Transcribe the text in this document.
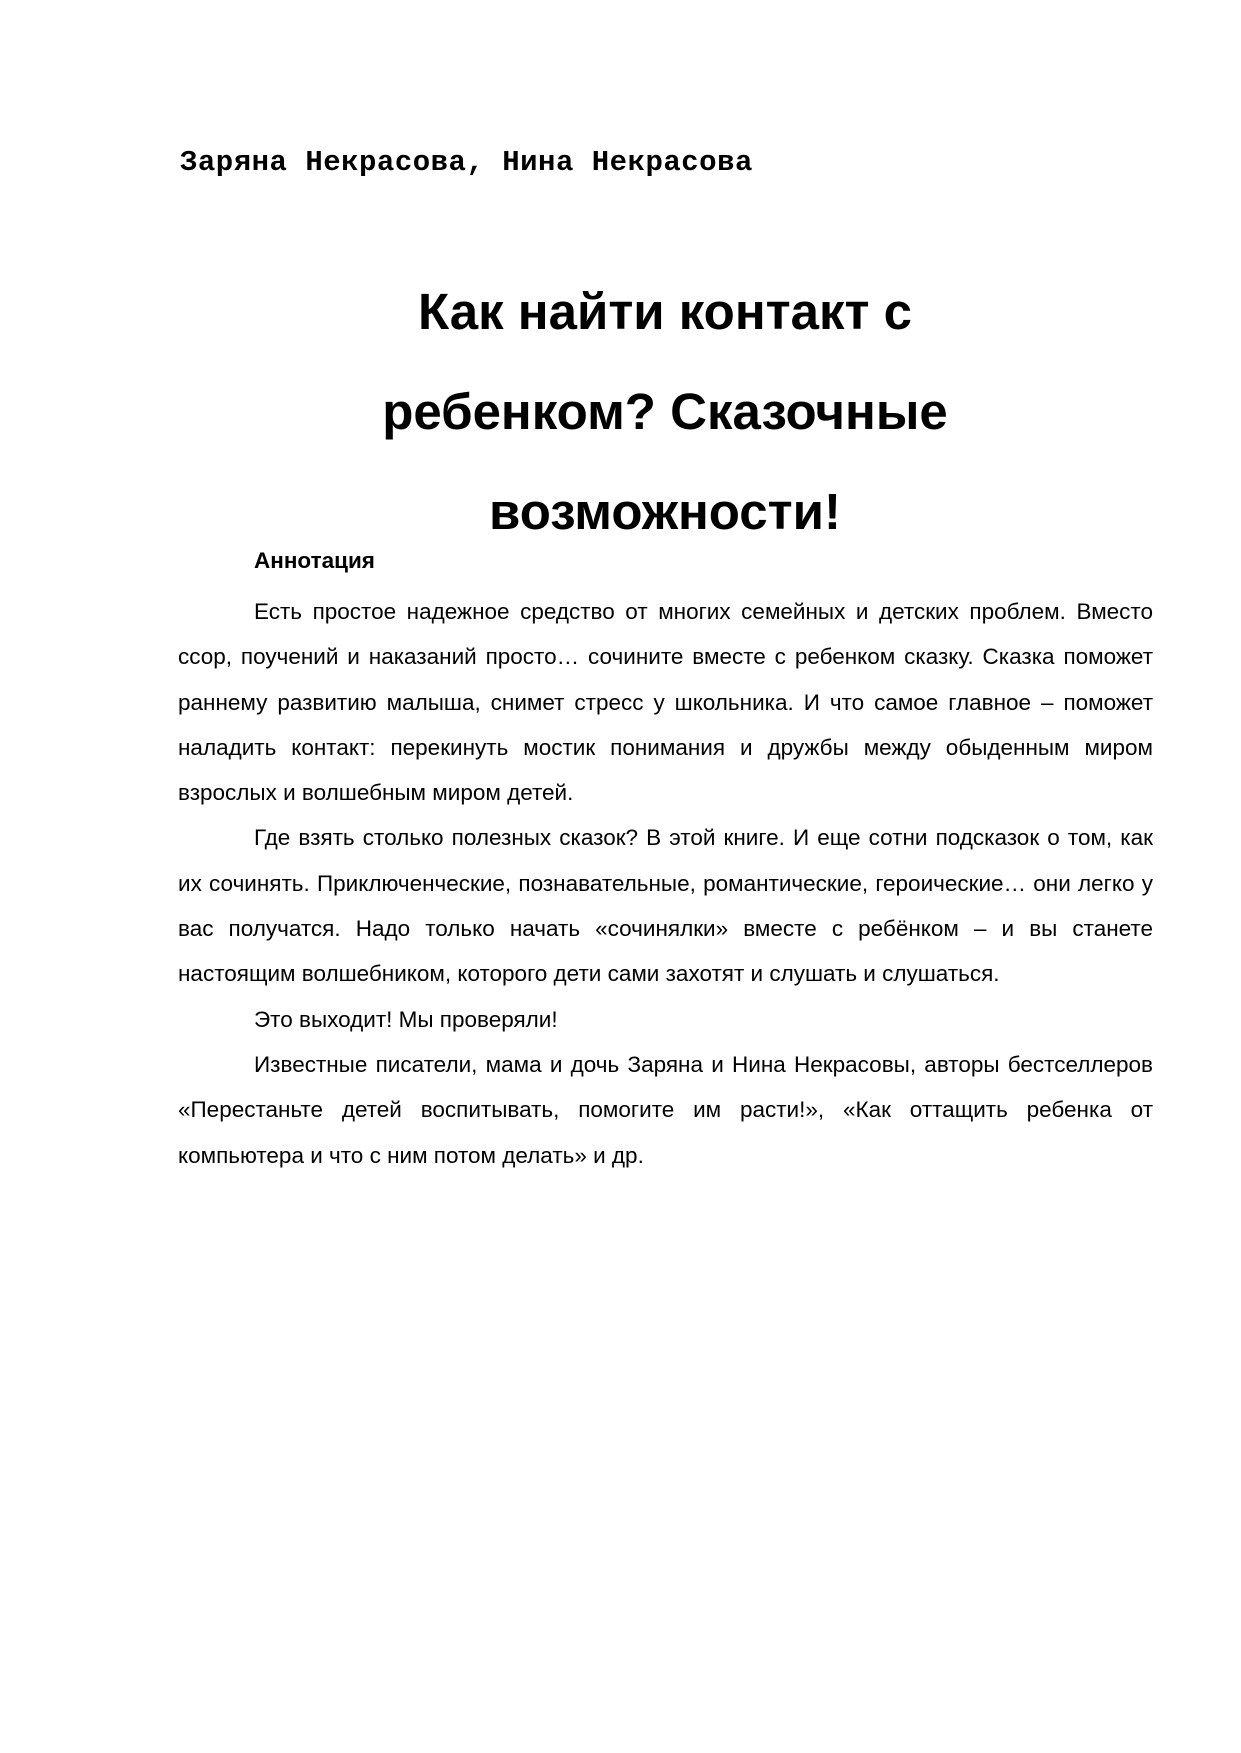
Заряна Некрасова, Нина Некрасова

Как найти контакт с
ребенком? Сказочные
возможности!

Аннотация

Есть простое надежное средство от многих семейных и детских проблем. Вместо ссор, поучений и наказаний просто… сочините вместе с ребенком сказку. Сказка поможет раннему развитию малыша, снимет стресс у школьника. И что самое главное – поможет наладить контакт: перекинуть мостик понимания и дружбы между обыденным миром взрослых и волшебным миром детей.

Где взять столько полезных сказок? В этой книге. И еще сотни подсказок о том, как их сочинять. Приключенческие, познавательные, романтические, героические… они легко у вас получатся. Надо только начать «сочинялки» вместе с ребёнком – и вы станете настоящим волшебником, которого дети сами захотят и слушать и слушаться.

Это выходит! Мы проверяли!

Известные писатели, мама и дочь Заряна и Нина Некрасовы, авторы бестселлеров «Перестаньте детей воспитывать, помогите им расти!», «Как оттащить ребенка от компьютера и что с ним потом делать» и др.
